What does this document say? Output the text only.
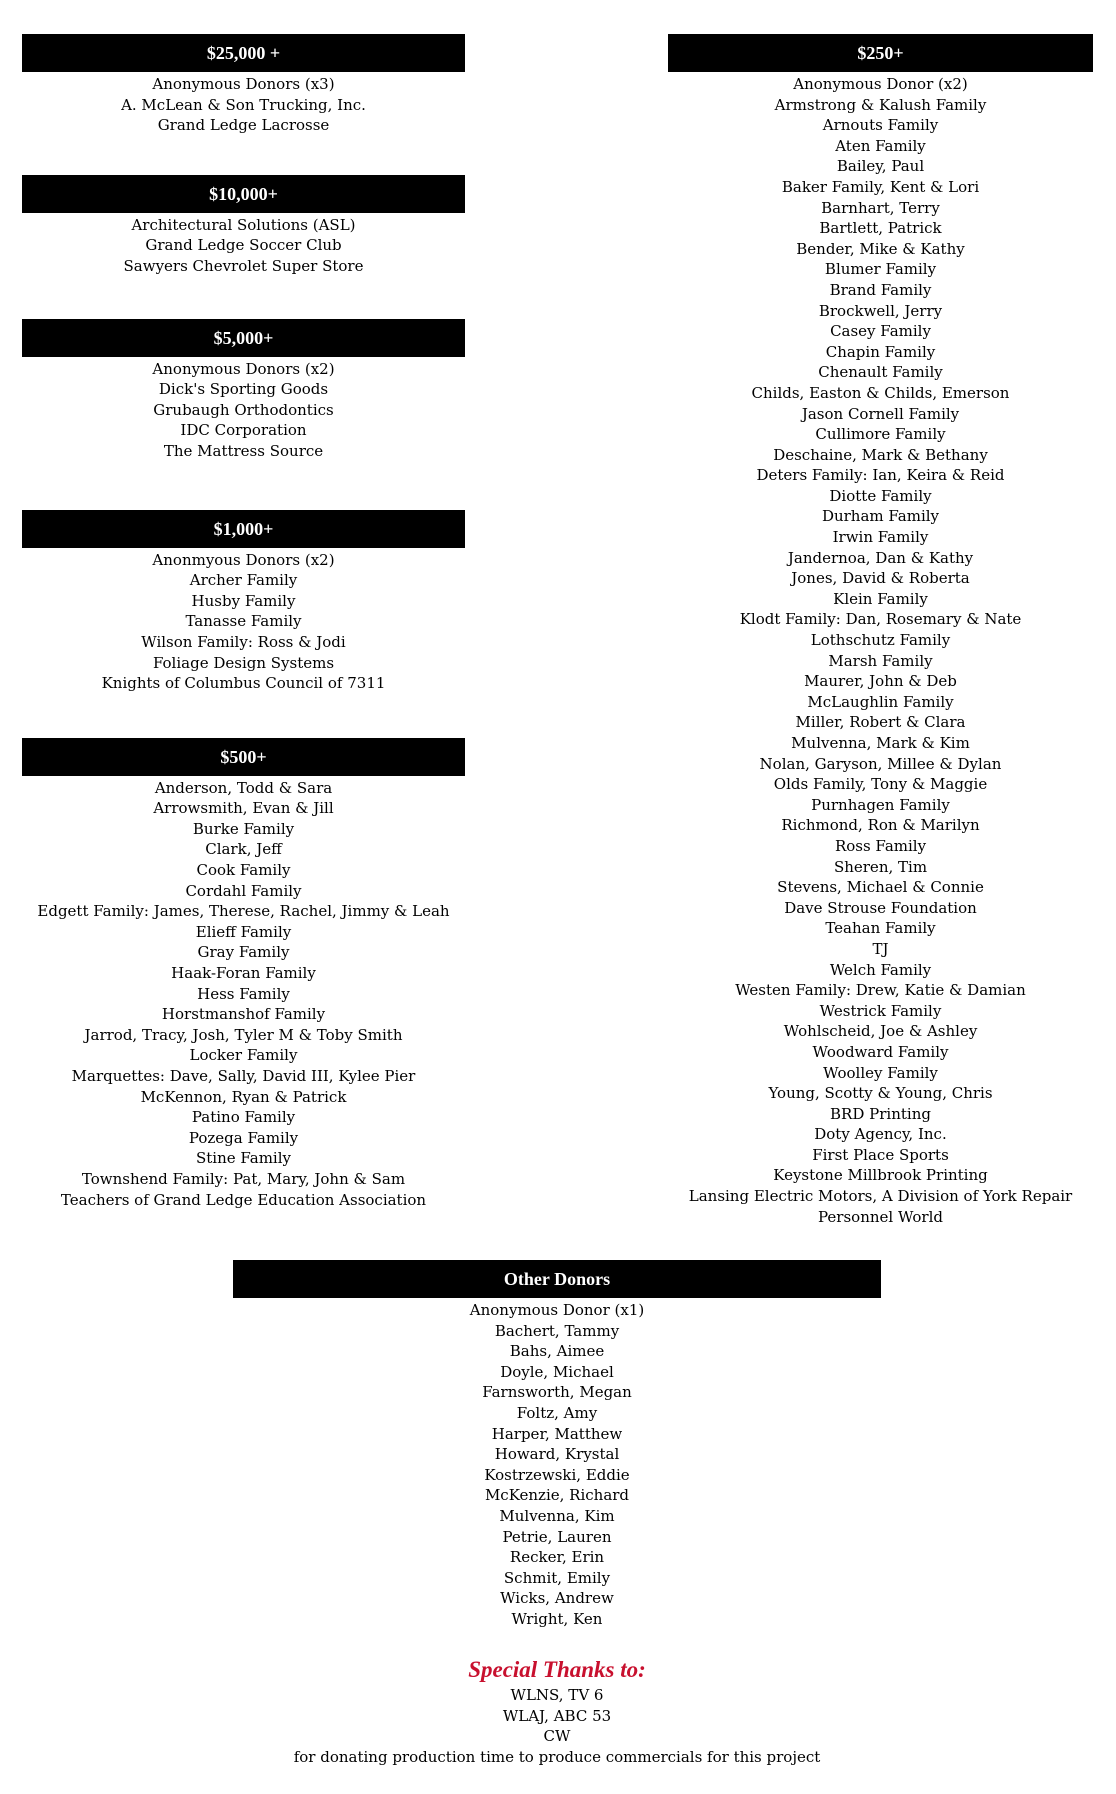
$25,000 +
Anonymous Donors (x3)
A. McLean & Son Trucking, Inc.
Grand Ledge Lacrosse
$10,000+
Architectural Solutions (ASL)
Grand Ledge Soccer Club
Sawyers Chevrolet Super Store
$5,000+
Anonymous Donors (x2)
Dick's Sporting Goods
Grubaugh Orthodontics
IDC Corporation
The Mattress Source
$1,000+
Anonmyous Donors (x2)
Archer Family
Husby Family
Tanasse Family
Wilson Family: Ross & Jodi
Foliage Design Systems
Knights of Columbus Council of 7311
$500+
Anderson, Todd & Sara
Arrowsmith, Evan & Jill
Burke Family
Clark, Jeff
Cook Family
Cordahl Family
Edgett Family: James, Therese, Rachel, Jimmy & Leah
Elieff Family
Gray Family
Haak-Foran Family
Hess Family
Horstmanshof Family
Jarrod, Tracy, Josh, Tyler M & Toby Smith
Locker Family
Marquettes: Dave, Sally, David III, Kylee Pier
McKennon, Ryan & Patrick
Patino Family
Pozega Family
Stine Family
Townshend Family: Pat, Mary, John & Sam
Teachers of Grand Ledge Education Association
$250+
Anonymous Donor (x2)
Armstrong & Kalush Family
Arnouts Family
Aten Family
Bailey, Paul
Baker Family, Kent & Lori
Barnhart, Terry
Bartlett, Patrick
Bender, Mike & Kathy
Blumer Family
Brand Family
Brockwell, Jerry
Casey Family
Chapin Family
Chenault Family
Childs, Easton & Childs, Emerson
Jason Cornell Family
Cullimore Family
Deschaine, Mark & Bethany
Deters Family: Ian, Keira & Reid
Diotte Family
Durham Family
Irwin Family
Jandernoa, Dan & Kathy
Jones, David & Roberta
Klein Family
Klodt Family: Dan, Rosemary & Nate
Lothschutz Family
Marsh Family
Maurer, John & Deb
McLaughlin Family
Miller, Robert & Clara
Mulvenna, Mark & Kim
Nolan, Garyson, Millee & Dylan
Olds Family, Tony & Maggie
Purnhagen Family
Richmond, Ron & Marilyn
Ross Family
Sheren, Tim
Stevens, Michael & Connie
Dave Strouse Foundation
Teahan Family
TJ
Welch Family
Westen Family: Drew, Katie & Damian
Westrick Family
Wohlscheid, Joe & Ashley
Woodward Family
Woolley Family
Young, Scotty & Young, Chris
BRD Printing
Doty Agency, Inc.
First Place Sports
Keystone Millbrook Printing
Lansing Electric Motors, A Division of York Repair
Personnel World
Other Donors
Anonymous Donor (x1)
Bachert, Tammy
Bahs, Aimee
Doyle, Michael
Farnsworth, Megan
Foltz, Amy
Harper, Matthew
Howard, Krystal
Kostrzewski, Eddie
McKenzie, Richard
Mulvenna, Kim
Petrie, Lauren
Recker, Erin
Schmit, Emily
Wicks, Andrew
Wright, Ken
Special Thanks to:
WLNS, TV 6
WLAJ, ABC 53
CW
for donating production time to produce commercials for this project
